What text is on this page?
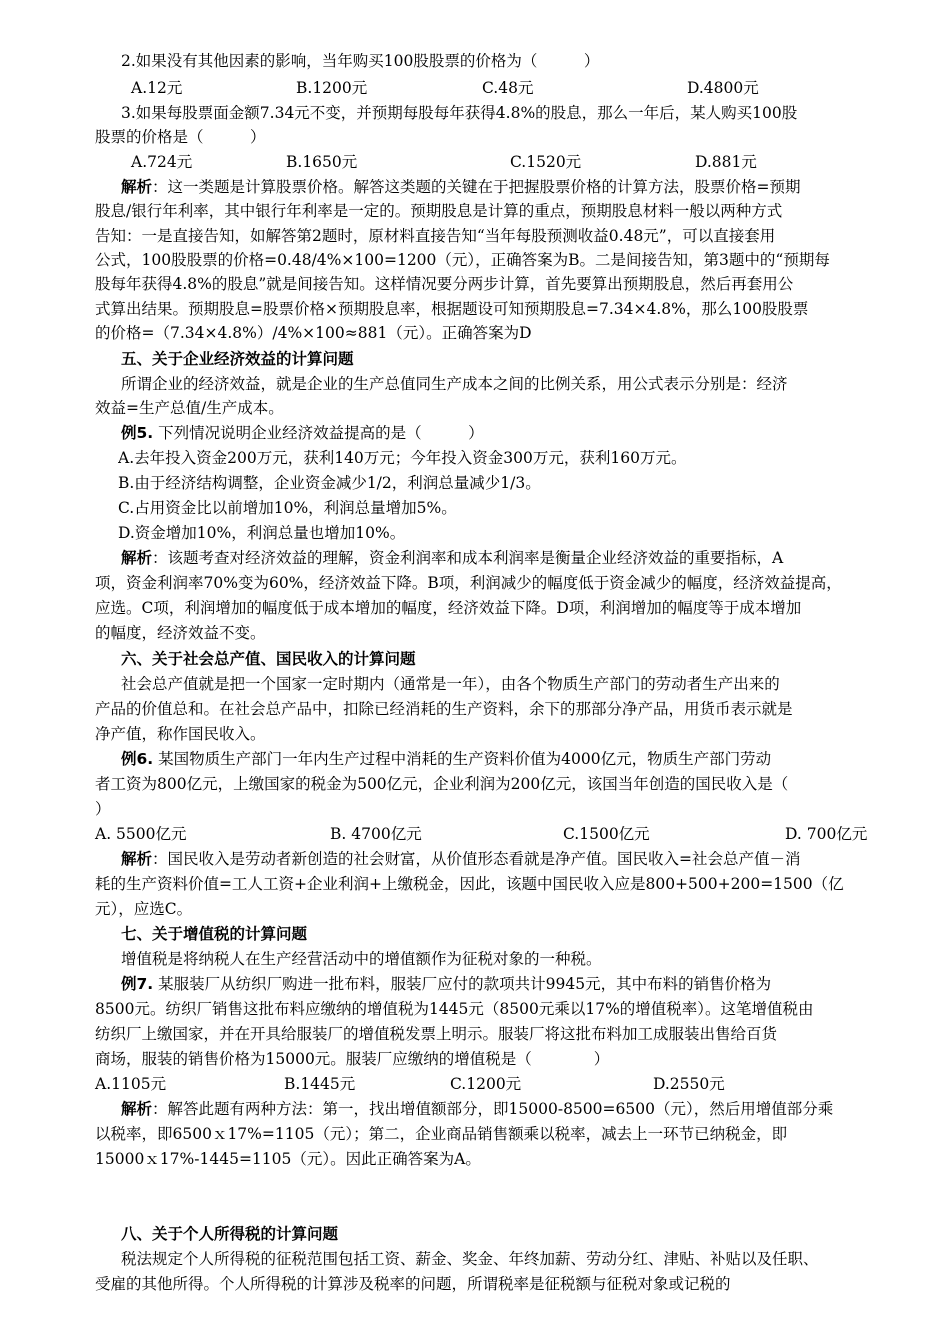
2.如果没有其他因素的影响，当年购买100股股票的价格为（　　　）
A.12元	B.1200元	C.48元	D.4800元
3.如果每股票面金额7.34元不变，并预期每股每年获得4.8%的股息，那么一年后，某人购买100股
股票的价格是（　　　）
A.724元	B.1650元	C.1520元	D.881元
解析：这一类题是计算股票价格。解答这类题的关键在于把握股票价格的计算方法，股票价格=预期
股息/银行年利率，其中银行年利率是一定的。预期股息是计算的重点，预期股息材料一般以两种方式
告知：一是直接告知，如解答第2题时，原材料直接告知“当年每股预测收益0.48元”，可以直接套用
公式，100股股票的价格=0.48/4%×100=1200（元），正确答案为B。二是间接告知，第3题中的“预期每
股每年获得4.8%的股息”就是间接告知。这样情况要分两步计算，首先要算出预期股息，然后再套用公
式算出结果。预期股息=股票价格×预期股息率，根据题设可知预期股息=7.34×4.8%，那么100股股票
的价格=（7.34×4.8%）/4%×100≈881（元）。正确答案为D
五、关于企业经济效益的计算问题
所谓企业的经济效益，就是企业的生产总值同生产成本之间的比例关系，用公式表示分别是：经济
效益=生产总值/生产成本。
例5. 下列情况说明企业经济效益提高的是（　　　）
A.去年投入资金200万元，获利140万元；今年投入资金300万元，获利160万元。
B.由于经济结构调整，企业资金减少1/2，利润总量减少1/3。
C.占用资金比以前增加10%，利润总量增加5%。
D.资金增加10%，利润总量也增加10%。
解析：该题考查对经济效益的理解，资金利润率和成本利润率是衡量企业经济效益的重要指标，A
项，资金利润率70%变为60%，经济效益下降。B项，利润减少的幅度低于资金减少的幅度，经济效益提高，
应选。C项，利润增加的幅度低于成本增加的幅度，经济效益下降。D项，利润增加的幅度等于成本增加
的幅度，经济效益不变。
六、关于社会总产值、国民收入的计算问题
社会总产值就是把一个国家一定时期内（通常是一年），由各个物质生产部门的劳动者生产出来的
产品的价值总和。在社会总产品中，扣除已经消耗的生产资料，余下的那部分净产品，用货币表示就是
净产值，称作国民收入。
例6. 某国物质生产部门一年内生产过程中消耗的生产资料价值为4000亿元，物质生产部门劳动
者工资为800亿元，上缴国家的税金为500亿元，企业利润为200亿元，该国当年创造的国民收入是（
）
A. 5500亿元	B. 4700亿元	C.1500亿元	D. 700亿元
解析：国民收入是劳动者新创造的社会财富，从价值形态看就是净产值。国民收入=社会总产值－消
耗的生产资料价值=工人工资+企业利润+上缴税金，因此，该题中国民收入应是800+500+200=1500（亿
元），应选C。
七、关于增值税的计算问题
增值税是将纳税人在生产经营活动中的增值额作为征税对象的一种税。
例7. 某服装厂从纺织厂购进一批布料，服装厂应付的款项共计9945元，其中布料的销售价格为
8500元。纺织厂销售这批布料应缴纳的增值税为1445元（8500元乘以17%的增值税率）。这笔增值税由
纺织厂上缴国家，并在开具给服装厂的增值税发票上明示。服装厂将这批布料加工成服装出售给百货
商场，服装的销售价格为15000元。服装厂应缴纳的增值税是（　　　　）
A.1105元	B.1445元	C.1200元	D.2550元
解析：解答此题有两种方法：第一，找出增值额部分，即15000-8500=6500（元），然后用增值部分乘
以税率，即6500ｘ17%=1105（元）；第二，企业商品销售额乘以税率，减去上一环节已纳税金，即
15000ｘ17%-1445=1105（元）。因此正确答案为A。
八、关于个人所得税的计算问题
税法规定个人所得税的征税范围包括工资、薪金、奖金、年终加薪、劳动分红、津贴、补贴以及任职、
受雇的其他所得。个人所得税的计算涉及税率的问题，所谓税率是征税额与征税对象或记税的
